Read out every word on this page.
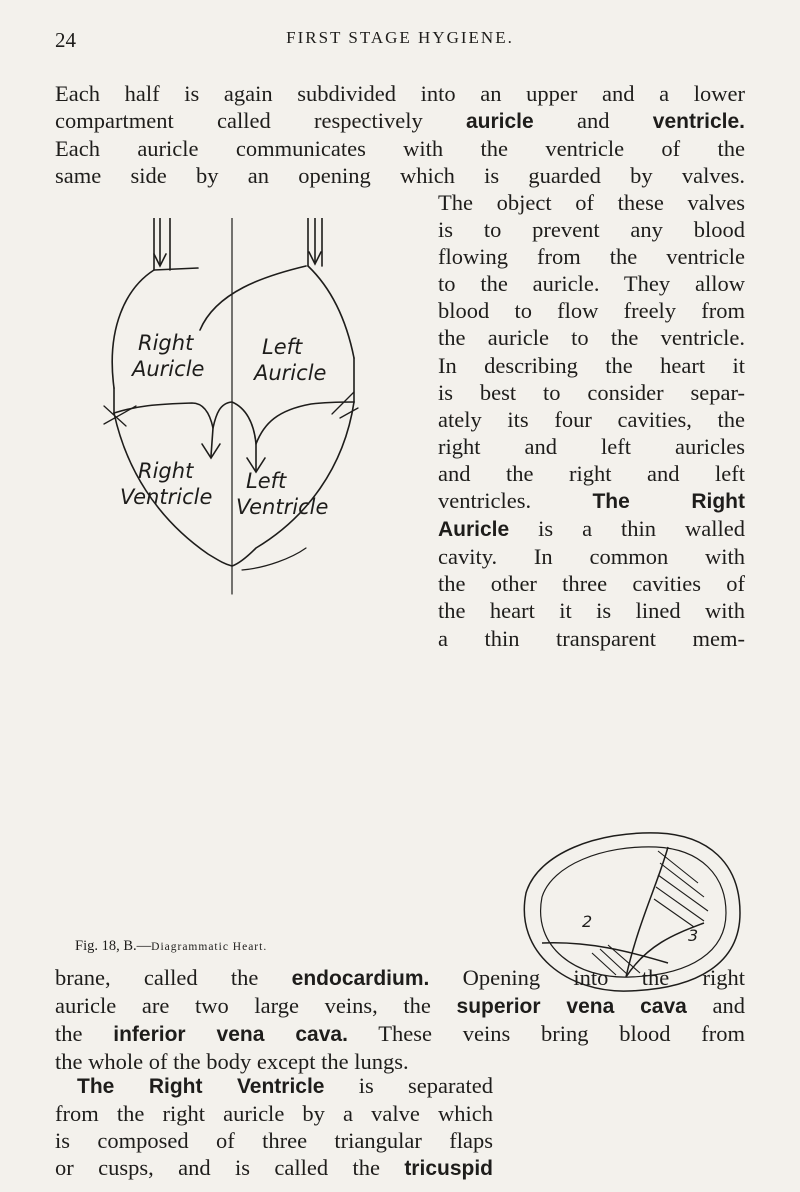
24	FIRST STAGE HYGIENE.
Each half is again subdivided into an upper and a lower
compartment called respectively auricle and ventricle.
Each auricle communicates with the ventricle of the
same side by an opening which is guarded by valves.
The object of these valves
is to prevent any blood
flowing from the ventricle
to the auricle. They allow
blood to flow freely from
the auricle to the ventricle.
In describing the heart it
is best to consider separ-
ately its four cavities, the
right and left auricles
and the right and left
ventricles. The Right
Auricle is a thin walled
cavity. In common with
the other three cavities of
the heart it is lined with
a thin transparent mem-
Right
Auricle
Left
Auricle
Right
Ventricle
Left
Ventricle
Fig. 18, B.—Diagrammatic Heart.
brane, called the endocardium. Opening into the right
auricle are two large veins, the superior vena cava and
the inferior vena cava. These veins bring blood from
the whole of the body except the lungs.
The Right Ventricle is separated
from the right auricle by a valve which
is composed of three triangular flaps
or cusps, and is called the tricuspid
2
3
